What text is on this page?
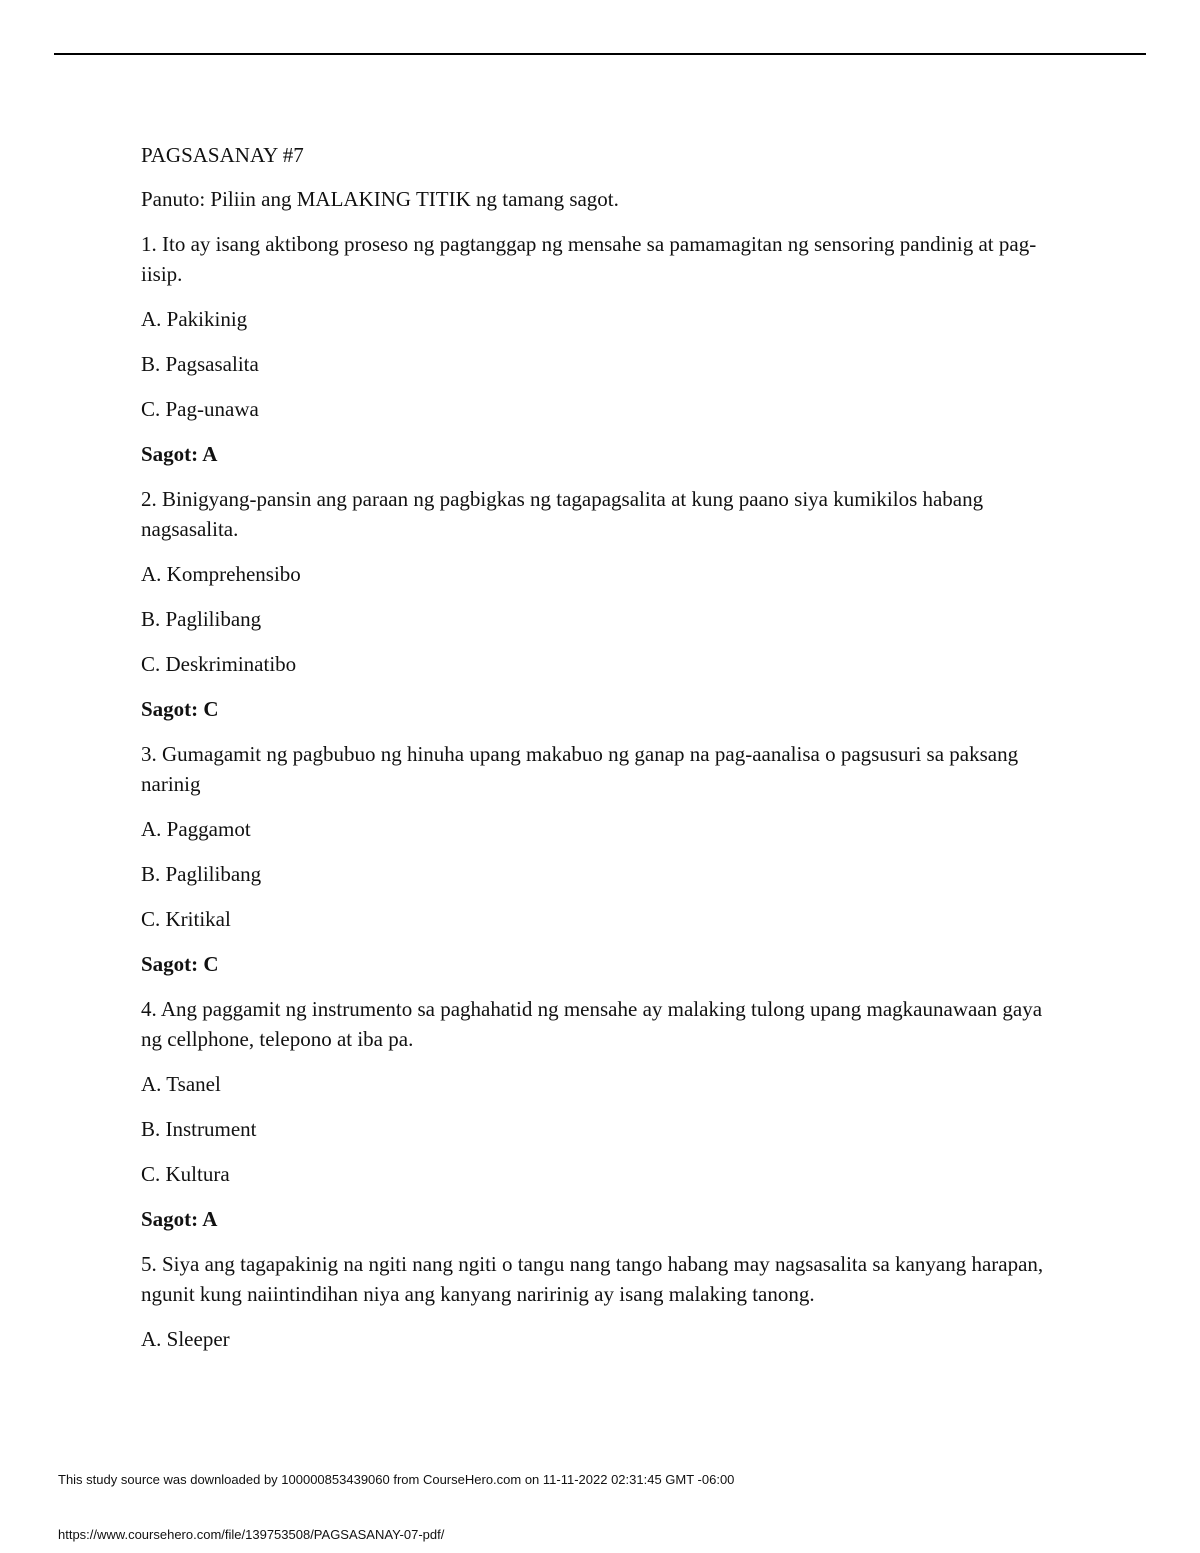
PAGSASANAY #7

Panuto: Piliin ang MALAKING TITIK ng tamang sagot.

1. Ito ay isang aktibong proseso ng pagtanggap ng mensahe sa pamamagitan ng sensoring pandinig at pag-iisip.

A. Pakikinig

B. Pagsasalita

C. Pag-unawa

Sagot: A

2. Binigyang-pansin ang paraan ng pagbigkas ng tagapagsalita at kung paano siya kumikilos habang nagsasalita.

A. Komprehensibo

B. Paglilibang

C. Deskriminatibo

Sagot: C

3. Gumagamit ng pagbubuo ng hinuha upang makabuo ng ganap na pag-aanalisa o pagsusuri sa paksang narinig

A. Paggamot

B. Paglilibang

C. Kritikal

Sagot: C

4. Ang paggamit ng instrumento sa paghahatid ng mensahe ay malaking tulong upang magkaunawaan gaya ng cellphone, telepono at iba pa.

A. Tsanel

B. Instrument

C. Kultura

Sagot: A

5. Siya ang tagapakinig na ngiti nang ngiti o tangu nang tango habang may nagsasalita sa kanyang harapan, ngunit kung naiintindihan niya ang kanyang naririnig ay isang malaking tanong.

A. Sleeper

This study source was downloaded by 100000853439060 from CourseHero.com on 11-11-2022 02:31:45 GMT -06:00
https://www.coursehero.com/file/139753508/PAGSASANAY-07-pdf/
